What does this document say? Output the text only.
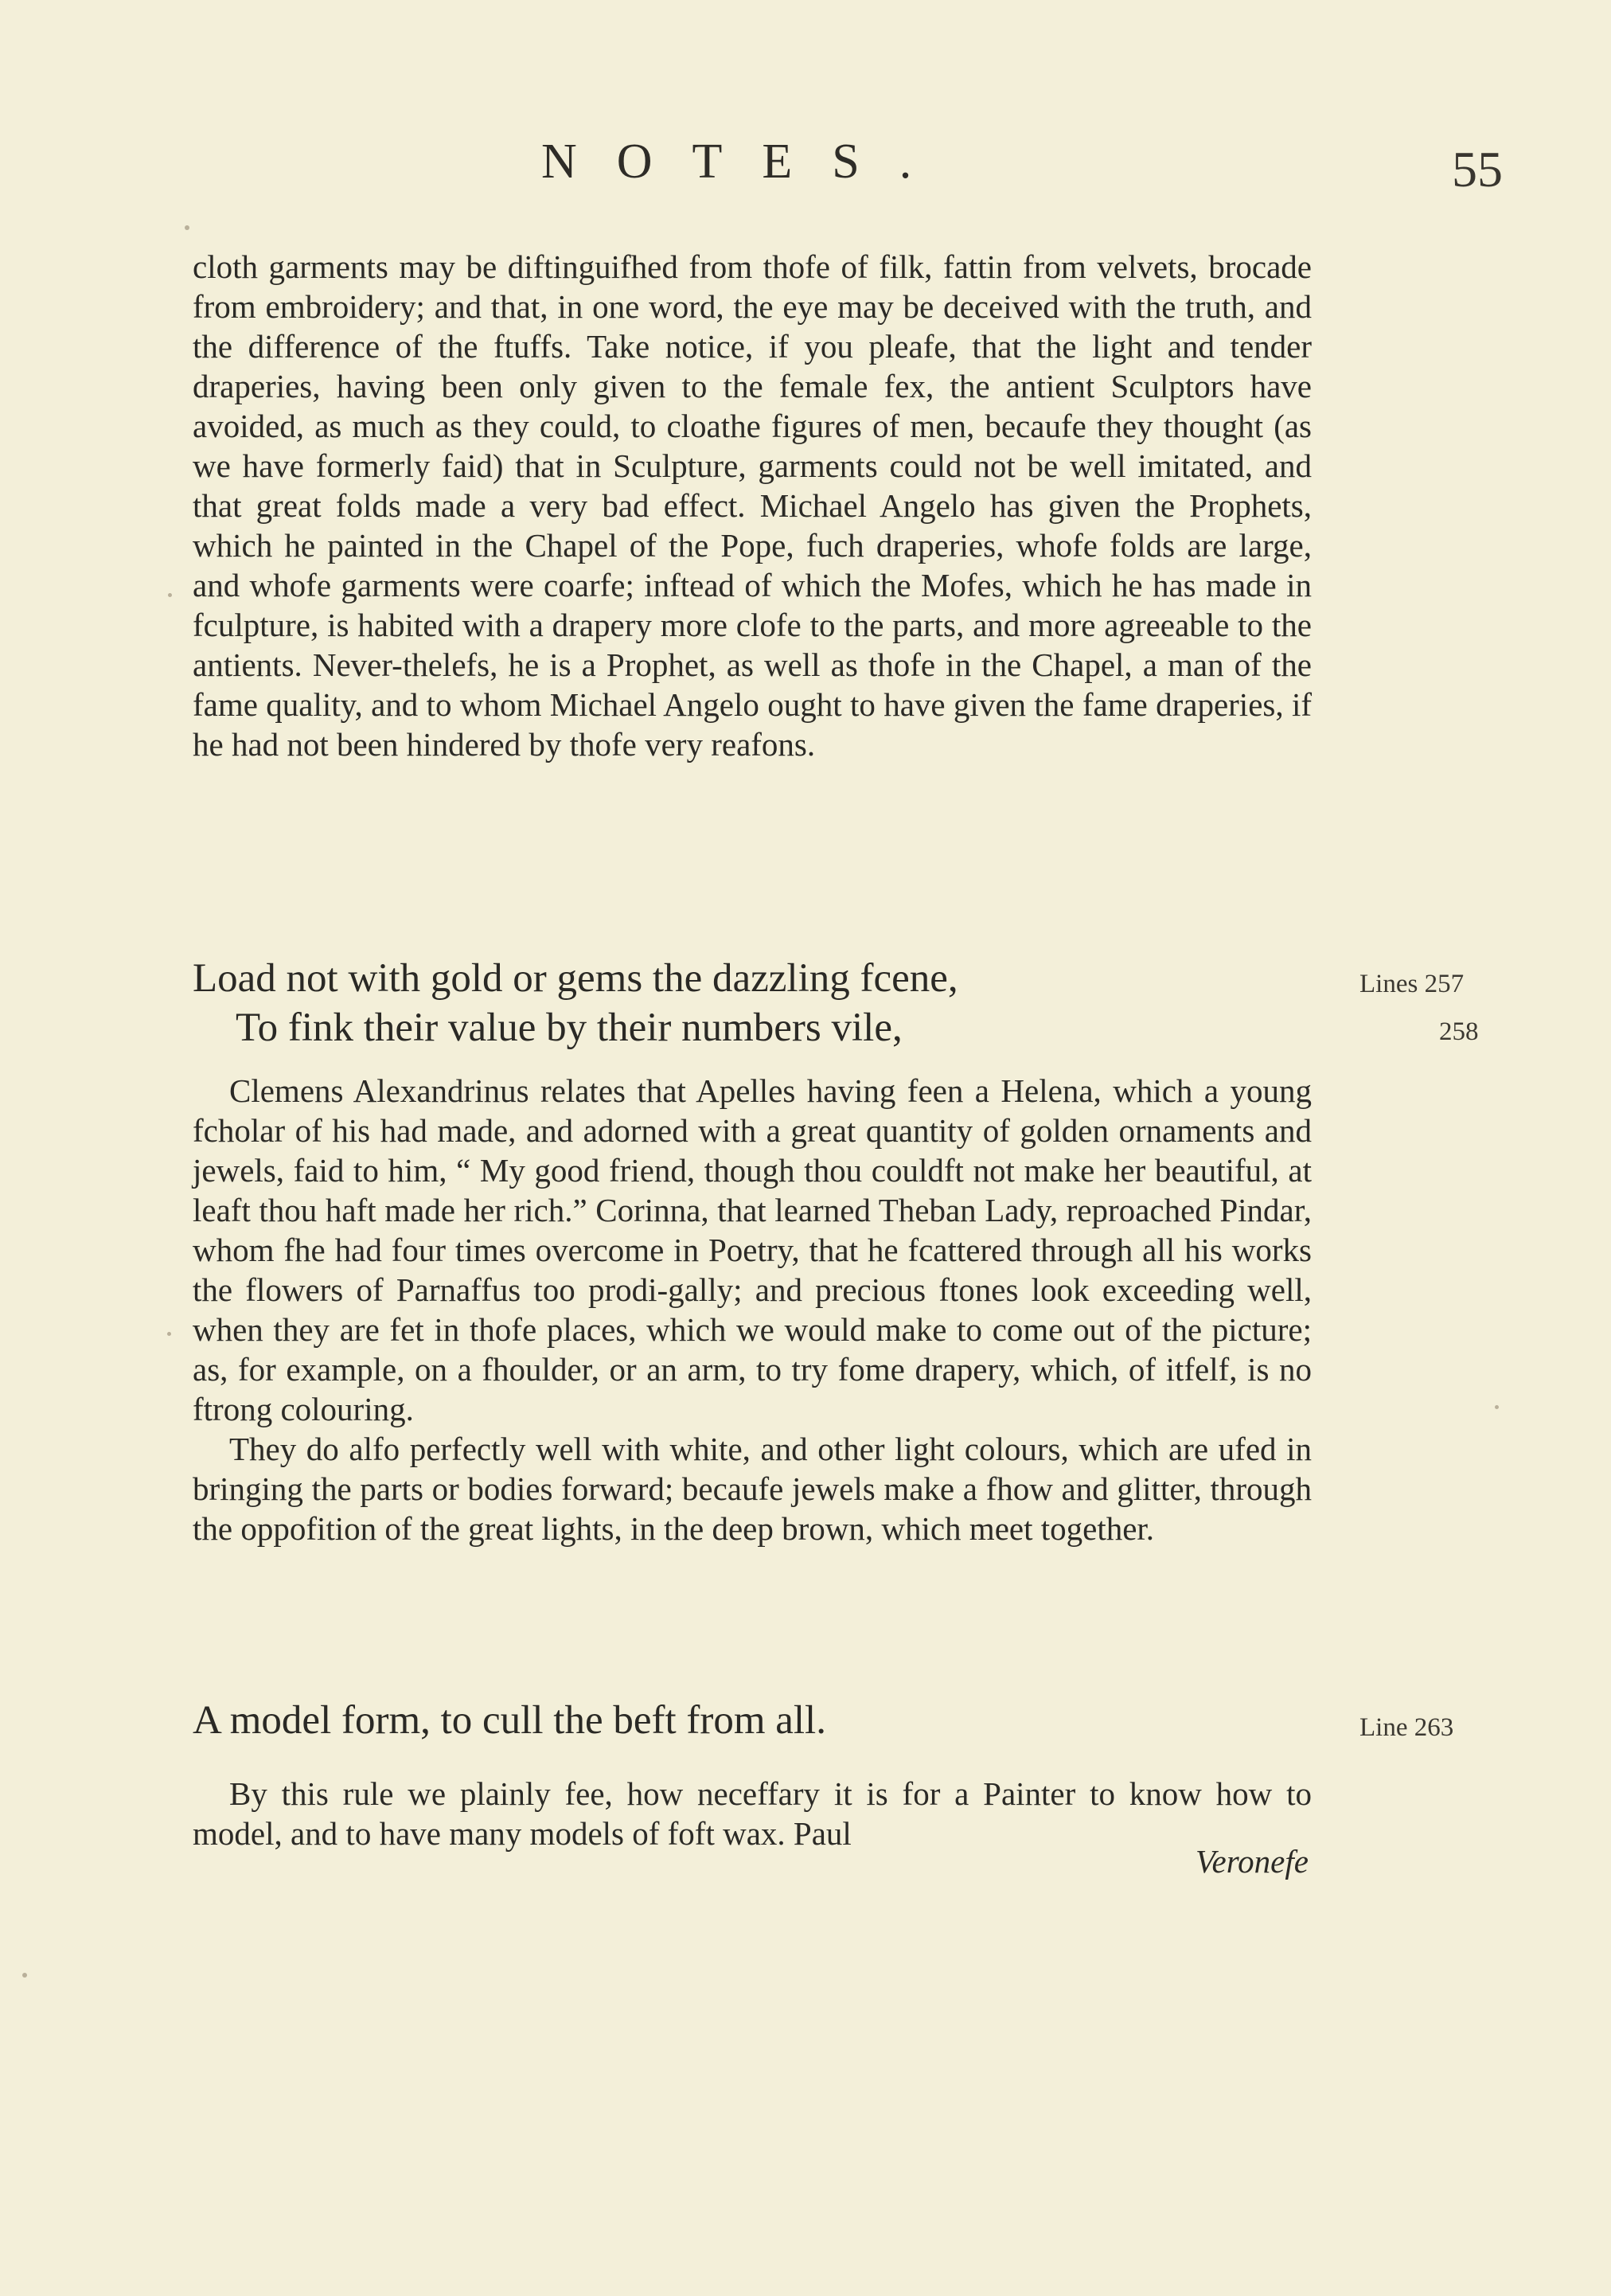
NOTES.	55

cloth garments may be diftinguifhed from thofe of filk, fattin from velvets, brocade from embroidery; and that, in one word, the eye may be deceived with the truth, and the difference of the ftuffs. Take notice, if you pleafe, that the light and tender draperies, having been only given to the female fex, the antient Sculptors have avoided, as much as they could, to cloathe figures of men, becaufe they thought (as we have formerly faid) that in Sculpture, garments could not be well imitated, and that great folds made a very bad effect. Michael Angelo has given the Prophets, which he painted in the Chapel of the Pope, fuch draperies, whofe folds are large, and whofe garments were coarfe; inftead of which the Mofes, which he has made in fculpture, is habited with a drapery more clofe to the parts, and more agreeable to the antients. Never-thelefs, he is a Prophet, as well as thofe in the Chapel, a man of the fame quality, and to whom Michael Angelo ought to have given the fame draperies, if he had not been hindered by thofe very reafons.

Load not with gold or gems the dazzling fcene,
To fink their value by their numbers vile,
Lines 257
258

Clemens Alexandrinus relates that Apelles having feen a Helena, which a young fcholar of his had made, and adorned with a great quantity of golden ornaments and jewels, faid to him, “ My good friend, though thou couldft not make her beautiful, at leaft thou haft made her rich.” Corinna, that learned Theban Lady, reproached Pindar, whom fhe had four times overcome in Poetry, that he fcattered through all his works the flowers of Parnaffus too prodi-gally; and precious ftones look exceeding well, when they are fet in thofe places, which we would make to come out of the picture; as, for example, on a fhoulder, or an arm, to try fome drapery, which, of itfelf, is no ftrong colouring.

They do alfo perfectly well with white, and other light colours, which are ufed in bringing the parts or bodies forward; becaufe jewels make a fhow and glitter, through the oppofition of the great lights, in the deep brown, which meet together.

A model form, to cull the beft from all.	Line 263

By this rule we plainly fee, how neceffary it is for a Painter to know how to model, and to have many models of foft wax. Paul

Veronefe
